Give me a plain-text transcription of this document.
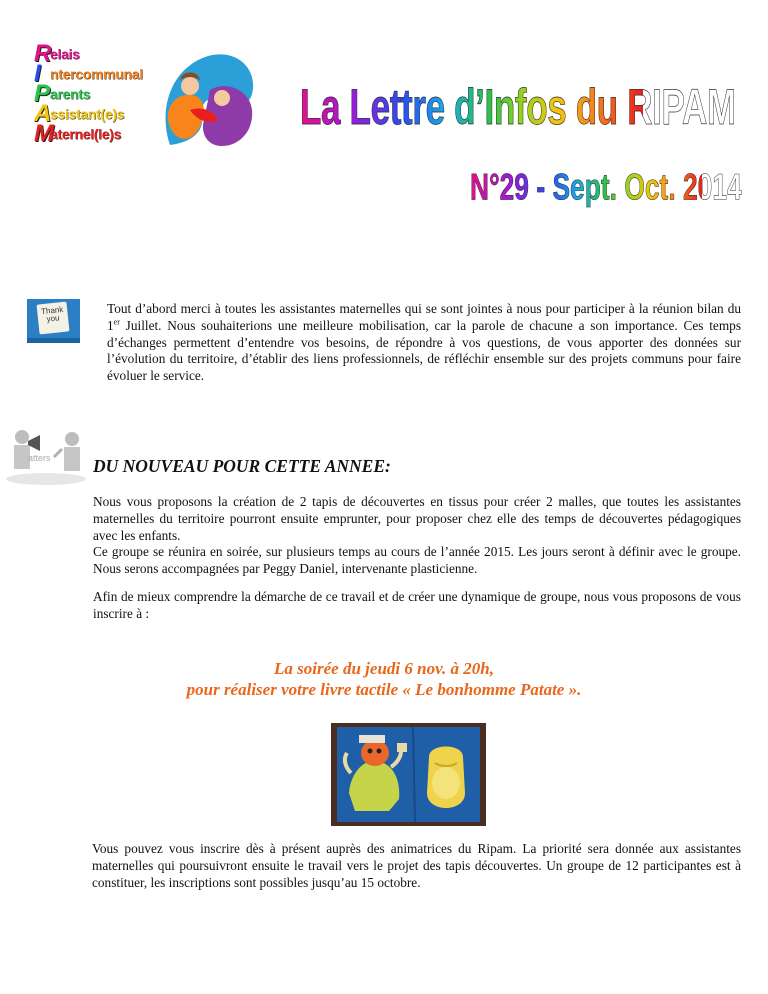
R
elais
I ntercommunal
P arents
A
ssistant(e)s
M
aternel(le)s	La Lettre d’Infos du RIPAM
N°29 - Sept. Oct. 2014
Thank you
Tout d’abord merci à toutes les assistantes maternelles qui se sont jointes à nous pour participer à la réunion bilan du 1er Juillet. Nous souhaiterions une meilleure mobilisation, car la parole de chacune a son importance. Ces temps d’échanges permettent d’entendre vos besoins, de répondre à vos questions, de vous apporter des données sur l’évolution du territoire, d’établir des liens professionnels, de réfléchir ensemble sur des projets communs pour faire évoluer le service.
atters DU NOUVEAU POUR CETTE ANNEE:
Nous vous proposons la création de 2 tapis de découvertes en tissus pour créer 2 malles, que toutes les assistantes maternelles du territoire pourront ensuite emprunter, pour proposer chez elle des temps de découvertes pédagogiques avec les enfants.
Ce groupe se réunira en soirée, sur plusieurs temps au cours de l’année 2015. Les jours seront à définir avec le groupe. Nous serons accompagnées par Peggy Daniel, intervenante plasticienne.
Afin de mieux comprendre la démarche de ce travail et de créer une dynamique de groupe, nous vous proposons de vous inscrire à :
La soirée du jeudi 6 nov. à 20h,
pour réaliser votre livre tactile « Le bonhomme Patate ».
Vous pouvez vous inscrire dès à présent auprès des animatrices du Ripam. La priorité sera donnée aux assistantes maternelles qui poursuivront ensuite le travail vers le projet des tapis découvertes. Un groupe de 12 participantes est à constituer, les inscriptions sont possibles jusqu’au 15 octobre.
